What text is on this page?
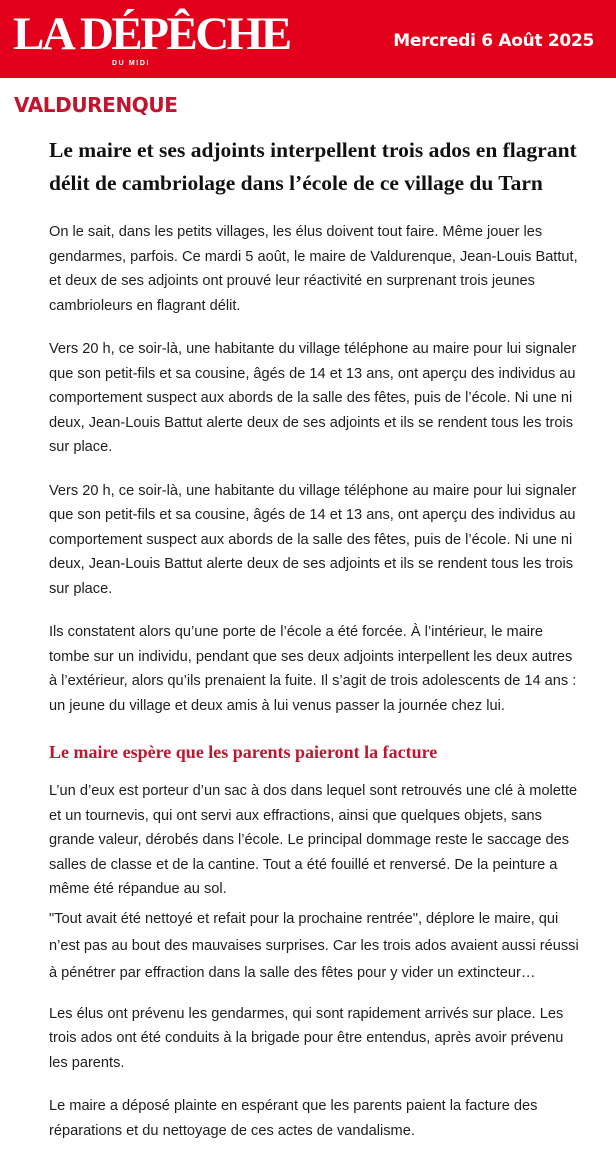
LA DÉPÊCHE
DU MIDI
Mercredi 6 Août 2025
VALDURENQUE
Le maire et ses adjoints interpellent trois ados en flagrant délit de cambriolage dans l’école de ce village du Tarn

On le sait, dans les petits villages, les élus doivent tout faire. Même jouer les gendarmes, parfois. Ce mardi 5 août, le maire de Valdurenque, Jean-Louis Battut, et deux de ses adjoints ont prouvé leur réactivité en surprenant trois jeunes cambrioleurs en flagrant délit.

Vers 20 h, ce soir-là, une habitante du village téléphone au maire pour lui signaler que son petit-fils et sa cousine, âgés de 14 et 13 ans, ont aperçu des individus au comportement suspect aux abords de la salle des fêtes, puis de l’école. Ni une ni deux, Jean-Louis Battut alerte deux de ses adjoints et ils se rendent tous les trois sur place.

Vers 20 h, ce soir-là, une habitante du village téléphone au maire pour lui signaler que son petit-fils et sa cousine, âgés de 14 et 13 ans, ont aperçu des individus au comportement suspect aux abords de la salle des fêtes, puis de l’école. Ni une ni deux, Jean-Louis Battut alerte deux de ses adjoints et ils se rendent tous les trois sur place.

Ils constatent alors qu’une porte de l’école a été forcée. À l’intérieur, le maire tombe sur un individu, pendant que ses deux adjoints interpellent les deux autres à l’extérieur, alors qu’ils prenaient la fuite. Il s’agit de trois adolescents de 14 ans : un jeune du village et deux amis à lui venus passer la journée chez lui.

Le maire espère que les parents paieront la facture

L’un d’eux est porteur d’un sac à dos dans lequel sont retrouvés une clé à molette et un tournevis, qui ont servi aux effractions, ainsi que quelques objets, sans grande valeur, dérobés dans l’école. Le principal dommage reste le saccage des salles de classe et de la cantine. Tout a été fouillé et renversé. De la peinture a même été répandue au sol.

"Tout avait été nettoyé et refait pour la prochaine rentrée", déplore le maire, qui n’est pas au bout des mauvaises surprises. Car les trois ados avaient aussi réussi à pénétrer par effraction dans la salle des fêtes pour y vider un extincteur…

Les élus ont prévenu les gendarmes, qui sont rapidement arrivés sur place. Les trois ados ont été conduits à la brigade pour être entendus, après avoir prévenu les parents.

Le maire a déposé plainte en espérant que les parents paient la facture des réparations et du nettoyage de ces actes de vandalisme.
